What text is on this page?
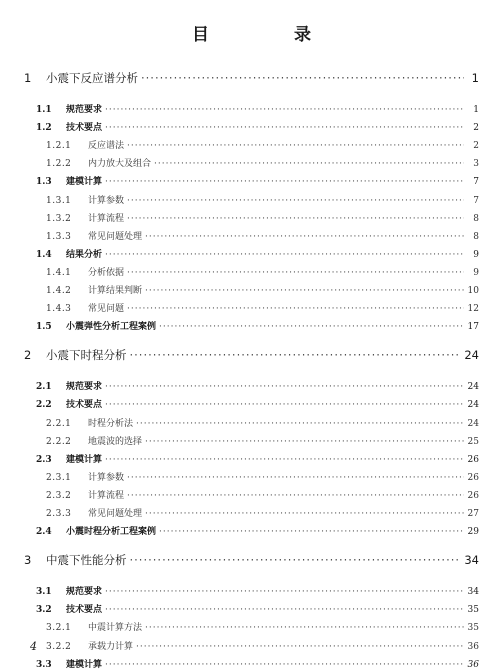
目　录
1	小震下反应谱分析 ·····	1
1.1	规范要求 ·····	1
1.2	技术要点 ·····	2
1.2.1	反应谱法 ·····	2
1.2.2	内力放大及组合 ·····	3
1.3	建模计算 ·····	7
1.3.1	计算参数 ·····	7
1.3.2	计算流程 ·····	8
1.3.3	常见问题处理 ·····	8
1.4	结果分析 ·····	9
1.4.1	分析依据 ·····	9
1.4.2	计算结果判断 ·····	10
1.4.3	常见问题 ·····	12
1.5	小震弹性分析工程案例 ·····	17
2	小震下时程分析 ·····	24
2.1	规范要求 ·····	24
2.2	技术要点 ·····	24
2.2.1	时程分析法 ·····	24
2.2.2	地震波的选择 ·····	25
2.3	建模计算 ·····	26
2.3.1	计算参数 ·····	26
2.3.2	计算流程 ·····	26
2.3.3	常见问题处理 ·····	27
2.4	小震时程分析工程案例 ·····	29
3	中震下性能分析 ·····	34
3.1	规范要求 ·····	34
3.2	技术要点 ·····	35
3.2.1	中震计算方法 ·····	35
3.2.2	承载力计算 ·····	36
3.3	建模计算 ·····	36
4
